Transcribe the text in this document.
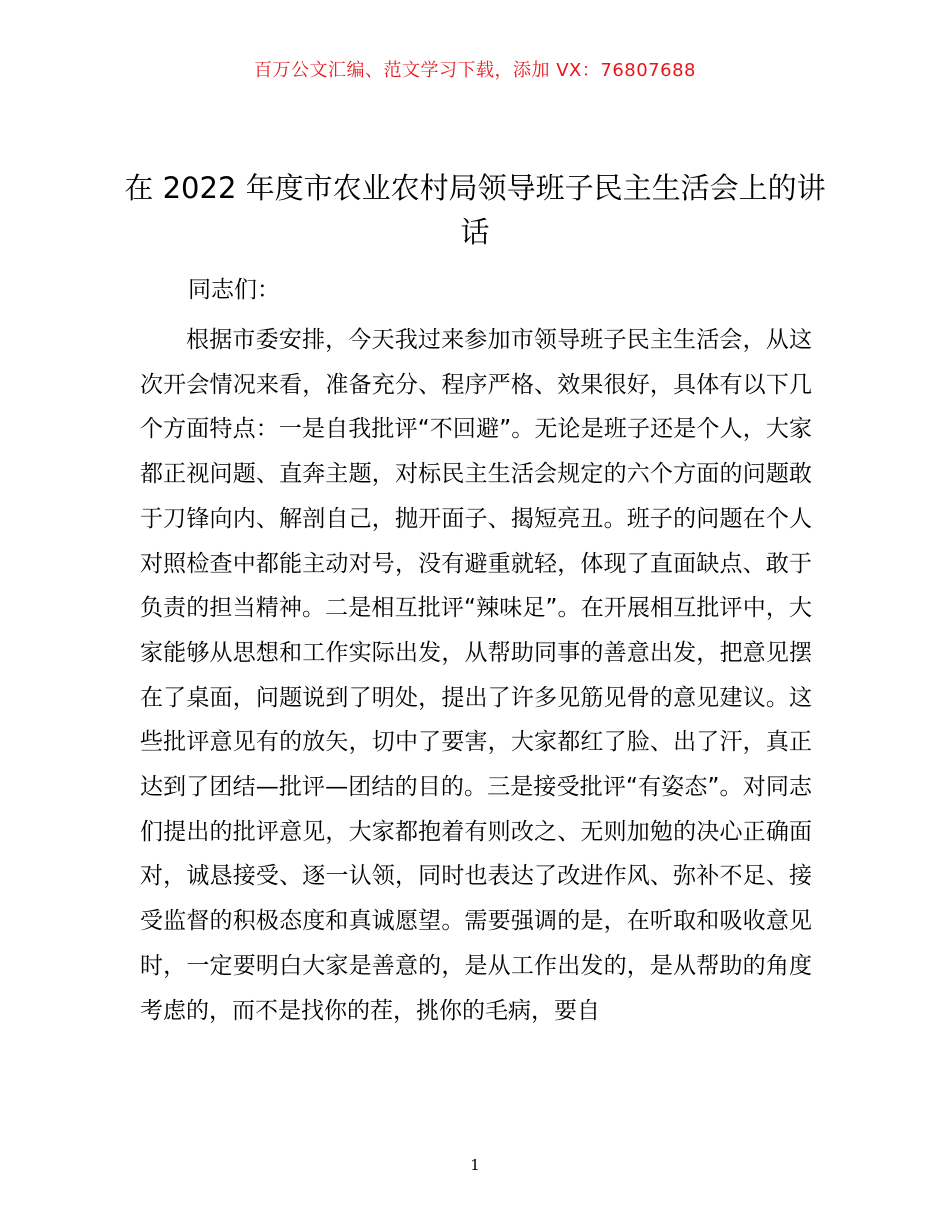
百万公文汇编、范文学习下载，添加 VX：76807688
在 2022 年度市农业农村局领导班子民主生活会上的讲话

同志们：

根据市委安排，今天我过来参加市领导班子民主生活会，从这次开会情况来看，准备充分、程序严格、效果很好，具体有以下几个方面特点：一是自我批评“不回避”。无论是班子还是个人，大家都正视问题、直奔主题，对标民主生活会规定的六个方面的问题敢于刀锋向内、解剖自己，抛开面子、揭短亮丑。班子的问题在个人对照检查中都能主动对号，没有避重就轻，体现了直面缺点、敢于负责的担当精神。二是相互批评“辣味足”。在开展相互批评中，大家能够从思想和工作实际出发，从帮助同事的善意出发，把意见摆在了桌面，问题说到了明处，提出了许多见筋见骨的意见建议。这些批评意见有的放矢，切中了要害，大家都红了脸、出了汗，真正达到了团结—批评—团结的目的。三是接受批评“有姿态”。对同志们提出的批评意见，大家都抱着有则改之、无则加勉的决心正确面对，诚恳接受、逐一认领，同时也表达了改进作风、弥补不足、接受监督的积极态度和真诚愿望。需要强调的是，在听取和吸收意见时，一定要明白大家是善意的，是从工作出发的，是从帮助的角度考虑的，而不是找你的茬，挑你的毛病，要自

1
